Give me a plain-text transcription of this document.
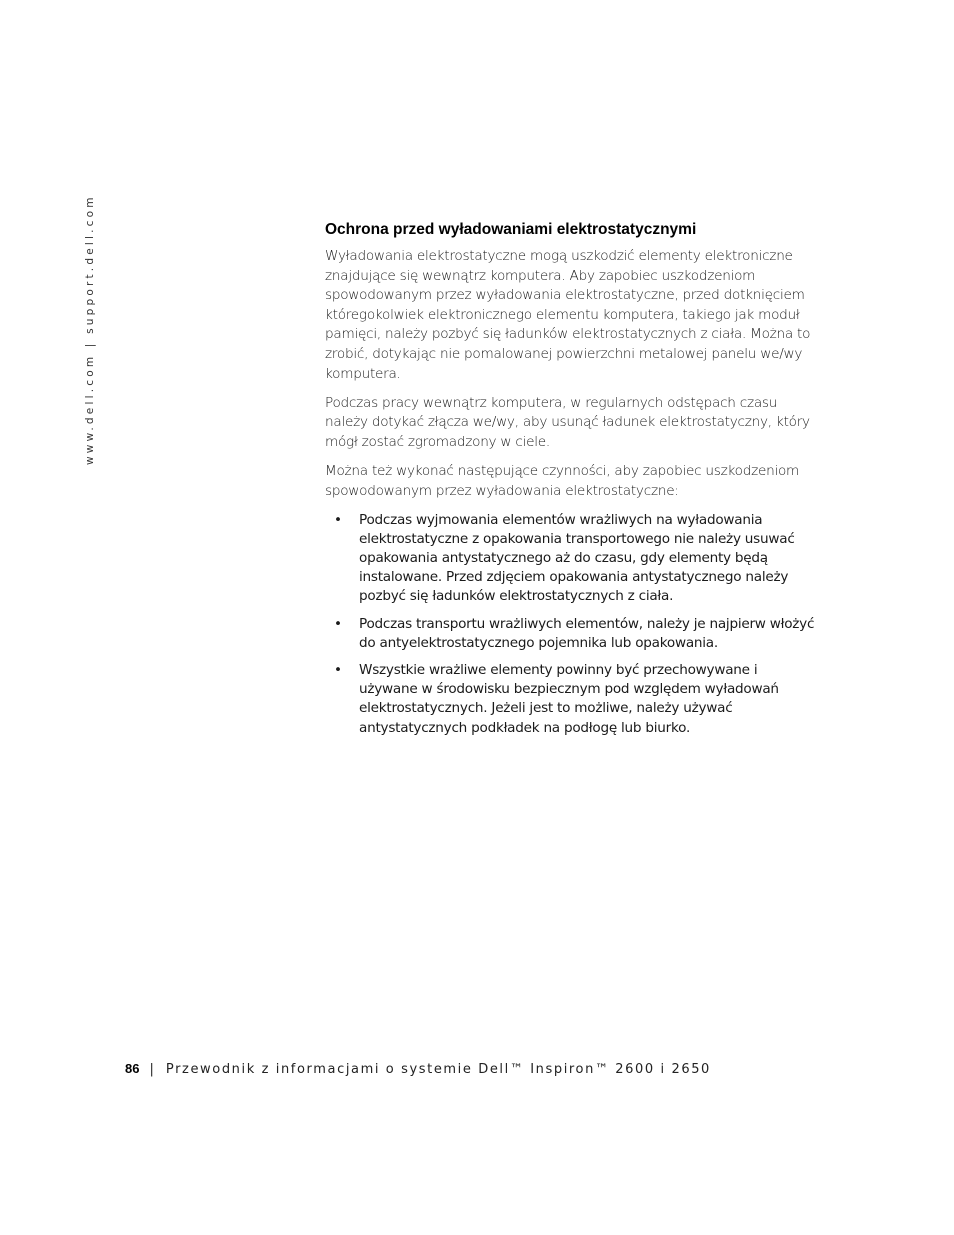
www.dell.com | support.dell.com	Ochrona przed wyładowaniami elektrostatycznymi

Wyładowania elektrostatyczne mogą uszkodzić elementy elektroniczne znajdujące się wewnątrz komputera. Aby zapobiec uszkodzeniom spowodowanym przez wyładowania elektrostatyczne, przed dotknięciem któregokolwiek elektronicznego elementu komputera, takiego jak moduł pamięci, należy pozbyć się ładunków elektrostatycznych z ciała. Można to zrobić, dotykając nie pomalowanej powierzchni metalowej panelu we/wy komputera.

Podczas pracy wewnątrz komputera, w regularnych odstępach czasu należy dotykać złącza we/wy, aby usunąć ładunek elektrostatyczny, który mógł zostać zgromadzony w ciele.

Można też wykonać następujące czynności, aby zapobiec uszkodzeniom spowodowanym przez wyładowania elektrostatyczne:

• Podczas wyjmowania elementów wrażliwych na wyładowania elektrostatyczne z opakowania transportowego nie należy usuwać opakowania antystatycznego aż do czasu, gdy elementy będą instalowane. Przed zdjęciem opakowania antystatycznego należy pozbyć się ładunków elektrostatycznych z ciała.
• Podczas transportu wrażliwych elementów, należy je najpierw włożyć do antyelektrostatycznego pojemnika lub opakowania.
• Wszystkie wrażliwe elementy powinny być przechowywane i używane w środowisku bezpiecznym pod względem wyładowań elektrostatycznych. Jeżeli jest to możliwe, należy używać antystatycznych podkładek na podłogę lub biurko.
86 | Przewodnik z informacjami o systemie Dell™ Inspiron™ 2600 i 2650
